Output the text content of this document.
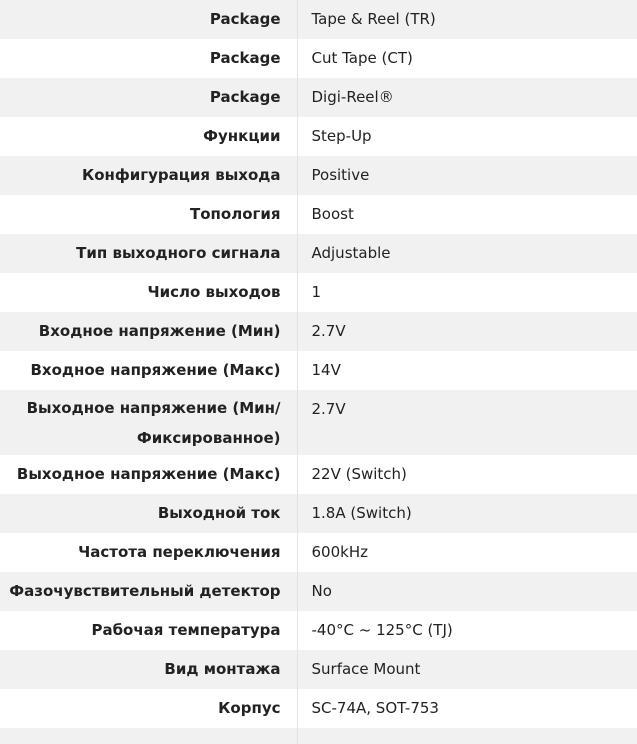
Package	Tape & Reel (TR)
Package	Cut Tape (CT)
Package	Digi-Reel®
Функции	Step-Up
Конфигурация выхода	Positive
Топология	Boost
Тип выходного сигнала	Adjustable
Число выходов	1
Входное напряжение (Мин)	2.7V
Входное напряжение (Макс)	14V
Выходное напряжение (Мин/ Фиксированное)	2.7V
Выходное напряжение (Макс)	22V (Switch)
Выходной ток	1.8A (Switch)
Частота переключения	600kHz
Фазочувствительный детектор	No
Рабочая температура	-40°C ~ 125°C (TJ)
Вид монтажа	Surface Mount
Корпус	SC-74A, SOT-753
